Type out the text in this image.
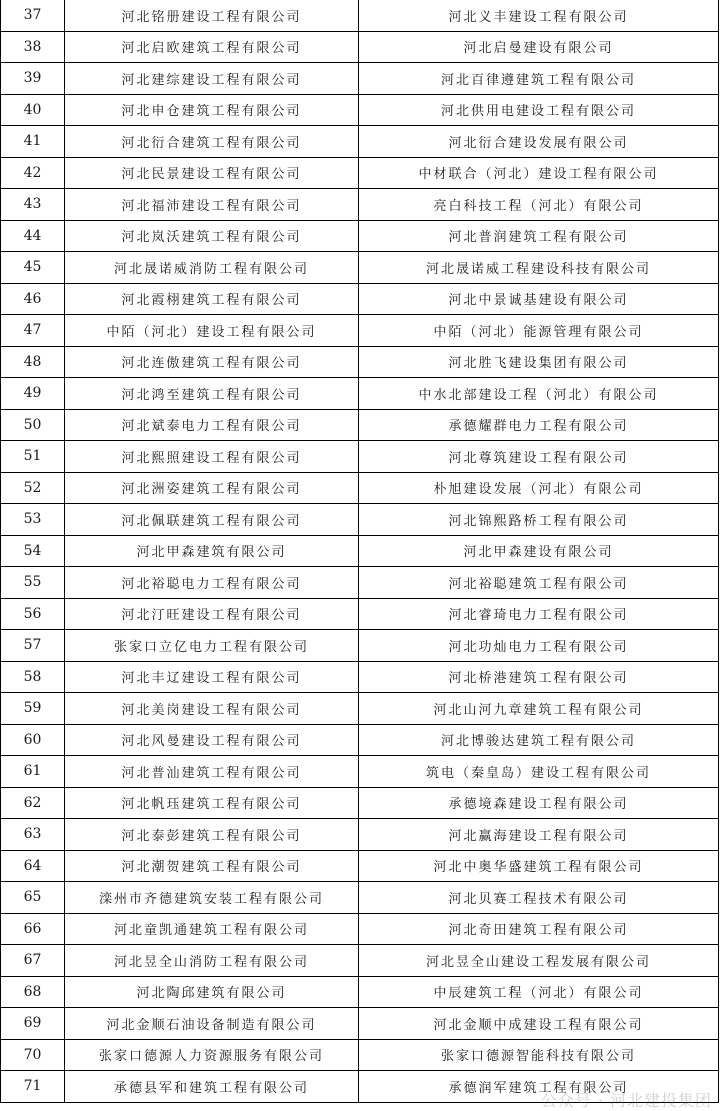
37	河北铭册建设工程有限公司	河北义丰建设工程有限公司
38	河北启欧建筑工程有限公司	河北启曼建设有限公司
39	河北建综建设工程有限公司	河北百律遵建筑工程有限公司
40	河北申仓建筑工程有限公司	河北供用电建设工程有限公司
41	河北衍合建筑工程有限公司	河北衍合建设发展有限公司
42	河北民景建设工程有限公司	中材联合（河北）建设工程有限公司
43	河北福沛建设工程有限公司	亮白科技工程（河北）有限公司
44	河北岚沃建筑工程有限公司	河北普润建筑工程有限公司
45	河北晟诺威消防工程有限公司	河北晟诺威工程建设科技有限公司
46	河北霞栩建筑工程有限公司	河北中景诚基建设有限公司
47	中陌（河北）建设工程有限公司	中陌（河北）能源管理有限公司
48	河北连傲建筑工程有限公司	河北胜飞建设集团有限公司
49	河北鸿至建筑工程有限公司	中水北部建设工程（河北）有限公司
50	河北斌泰电力工程有限公司	承德耀群电力工程有限公司
51	河北熙照建设工程有限公司	河北尊筑建设工程有限公司
52	河北洲姿建筑工程有限公司	朴旭建设发展（河北）有限公司
53	河北佩联建筑工程有限公司	河北锦熙路桥工程有限公司
54	河北甲森建筑有限公司	河北甲森建设有限公司
55	河北裕聪电力工程有限公司	河北裕聪建筑工程有限公司
56	河北汀旺建设工程有限公司	河北睿琦电力工程有限公司
57	张家口立亿电力工程有限公司	河北功灿电力工程有限公司
58	河北丰辽建设工程有限公司	河北桥港建筑工程有限公司
59	河北美岗建设工程有限公司	河北山河九章建筑工程有限公司
60	河北风曼建设工程有限公司	河北博骏达建筑工程有限公司
61	河北普汕建筑工程有限公司	筑电（秦皇岛）建设工程有限公司
62	河北帆珏建筑工程有限公司	承德境森建设工程有限公司
63	河北泰彭建筑工程有限公司	河北赢海建设工程有限公司
64	河北潮贺建筑工程有限公司	河北中奥华盛建筑工程有限公司
65	滦州市齐德建筑安装工程有限公司	河北贝赛工程技术有限公司
66	河北童凯通建筑工程有限公司	河北奇田建筑工程有限公司
67	河北昱全山消防工程有限公司	河北昱全山建设工程发展有限公司
68	河北陶邱建筑有限公司	中辰建筑工程（河北）有限公司
69	河北金顺石油设备制造有限公司	河北金顺中成建设工程有限公司
70	张家口德源人力资源服务有限公司	张家口德源智能科技有限公司
71	承德县军和建筑工程有限公司	承德润军建筑工程有限公司
公众号 · 河北建投集团
